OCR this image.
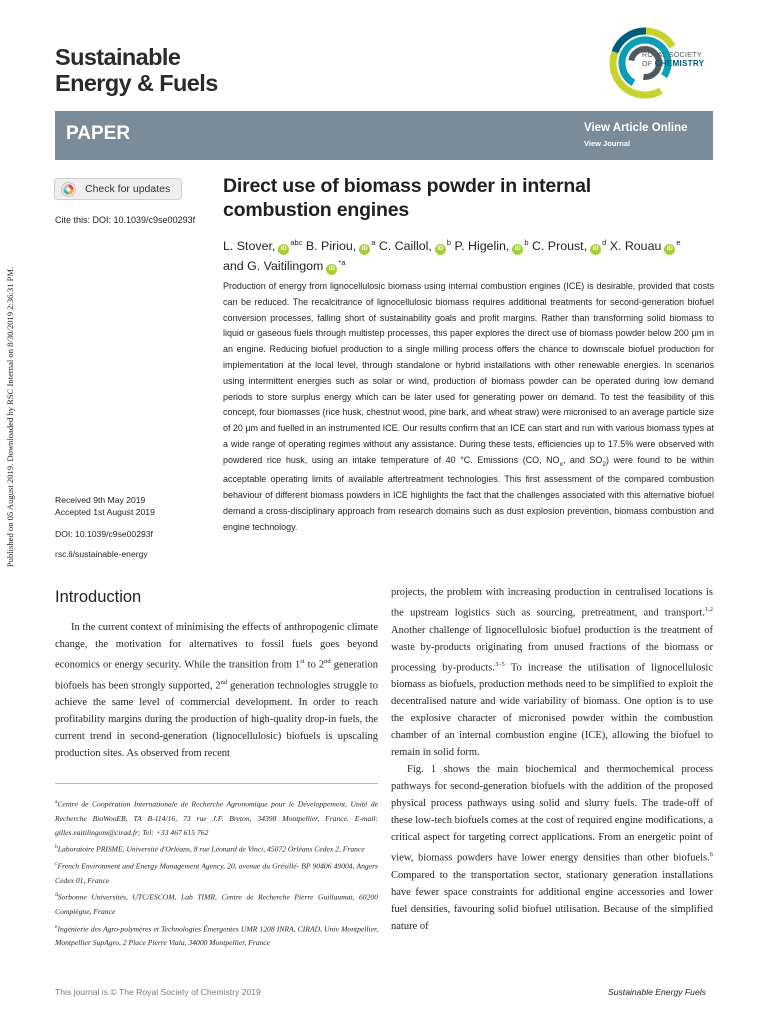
Published on 05 August 2019. Downloaded by RSC Internal on 8/30/2019 2:36:31 PM.
Sustainable
Energy & Fuels
ROYAL SOCIETY
OF CHEMISTRY
PAPER	View Article Online
View Journal
Check for updates
Cite this: DOI: 10.1039/c9se00293f
Direct use of biomass powder in internal combustion engines
L. Stover, $iD^{abc}$ B. Piriou, $iD^a$ C. Caillol, $iD^b$ P. Higelin, $iD^b$ C. Proust, $iD^d$ X. Rouau $iD^e$
and G. Vaitilingom $iD^{*a}$
Production of energy from lignocellulosic biomass using internal combustion engines (ICE) is desirable, provided that costs can be reduced. The recalcitrance of lignocellulosic biomass requires additional treatments for second-generation biofuel conversion processes, falling short of sustainability goals and profit margins. Rather than transforming solid biomass to liquid or gaseous fuels through multistep processes, this paper explores the direct use of biomass powder below 200 μm in an engine. Reducing biofuel production to a single milling process offers the chance to downscale biofuel production for implementation at the local level, through standalone or hybrid installations with other renewable energies. In scenarios using intermittent energies such as solar or wind, production of biomass powder can be operated during low demand periods to store surplus energy which can be later used for generating power on demand. To test the feasibility of this concept, four biomasses (rice husk, chestnut wood, pine bark, and wheat straw) were micronised to an average particle size of 20 μm and fuelled in an instrumented ICE. Our results confirm that an ICE can start and run with various biomass types at a wide range of operating regimes without any assistance. During these tests, efficiencies up to 17.5% were observed with powdered rice husk, using an intake temperature of 40 °C. Emissions (CO, $NO_x$, and $SO_2$) were found to be within acceptable operating limits of available aftertreatment technologies. This first assessment of the compared combustion behaviour of different biomass powders in ICE highlights the fact that the challenges associated with this alternative biofuel demand a cross-disciplinary approach from research domains such as dust explosion prevention, biomass combustion and engine technology.
Received 9th May 2019
Accepted 1st August 2019
DOI: 10.1039/c9se00293f
rsc.li/sustainable-energy
Introduction
In the current context of minimising the effects of anthropogenic climate change, the motivation for alternatives to fossil fuels goes beyond economics or energy security. While the transition from 1st to 2nd generation biofuels has been strongly supported, 2nd generation technologies struggle to achieve the same level of commercial development. In order to reach profitability margins during the production of high-quality drop-in fuels, the current trend in second-generation (lignocellulosic) biofuels is upscaling production sites. As observed from recent

projects, the problem with increasing production in centralised locations is the upstream logistics such as sourcing, pretreatment, and transport.$^{1,2}$ Another challenge of lignocellulosic biofuel production is the treatment of waste by-products originating from unused fractions of the biomass or processing by-products.$^{3-5}$ To increase the utilisation of lignocellulosic biomass as biofuels, production methods need to be simplified to exploit the decentralised nature and wide variability of biomass. One option is to use the explosive character of micronised powder within the combustion chamber of an internal combustion engine (ICE), allowing the biofuel to remain in solid form.

Fig. 1 shows the main biochemical and thermochemical process pathways for second-generation biofuels with the addition of the proposed physical process pathways using solid and slurry fuels. The trade-off of these low-tech biofuels comes at the cost of required engine modifications, a critical aspect for targeting correct applications. From an energetic point of view, biomass powders have lower energy densities than other biofuels.$^6$ Compared to the transportation sector, stationary generation installations have fewer space constraints for additional engine accessories and lower fuel densities, favouring solid biofuel utilisation. Because of the simplified nature of

$^a$Centre de Coopération Internationale de Recherche Agronomique pour le Développement, Unité de Recherche BioWooEB, TA B-114/16, 73 rue J.F. Breton, 34398 Montpellier, France. E-mail: gilles.vaitilingom@cirad.fr; Tel: +33 467 615 762

$^b$Laboratoire PRISME, Université d'Orléans, 8 rue Léonard de Vinci, 45072 Orléans Cedex 2, France

$^c$French Environment and Energy Management Agency, 20, avenue du Grésillé- BP 90406 49004, Angers Cedex 01, France

$^d$Sorbonne Universités, UTC/ESCOM, Lab TIMR, Centre de Recherche Pierre Guillaumat, 60200 Compiègne, France

$^e$Ingénierie des Agro-polymères et Technologies Émergentes UMR 1208 INRA, CIRAD, Univ Montpellier, Montpellier SupAgro, 2 Place Pierre Viala, 34000 Montpellier, France

This journal is © The Royal Society of Chemistry 2019	Sustainable Energy Fuels
